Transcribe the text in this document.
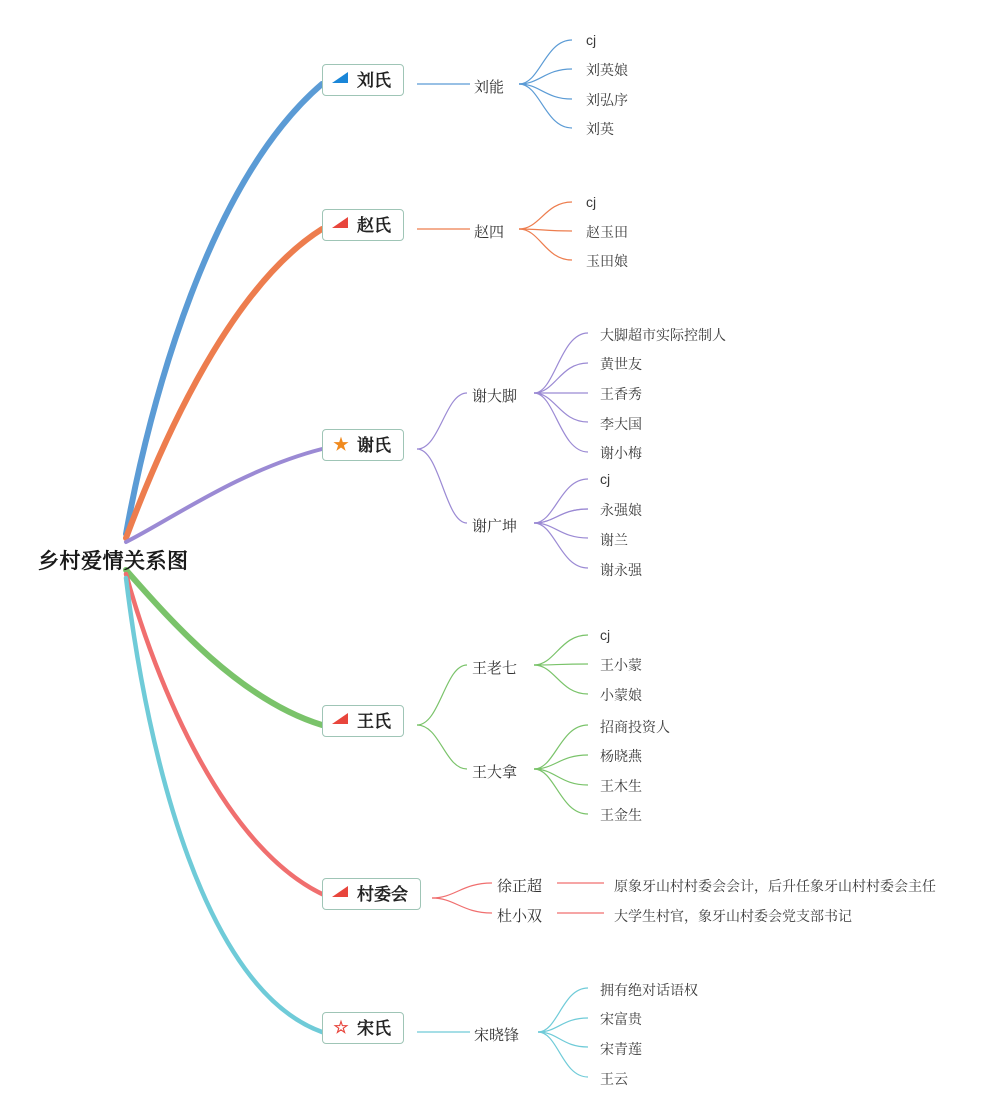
乡村爱情关系图
刘氏	刘能
cj
刘英娘
刘弘序
刘英
赵氏	赵四
cj
赵玉田
玉田娘
★ 谢氏
谢大脚
大脚超市实际控制人
黄世友
王香秀
李大国
谢小梅
谢广坤
cj
永强娘
谢兰
谢永强
王氏
王老七
cj
王小蒙
小蒙娘
王大拿
招商投资人
杨晓燕
王木生
王金生
村委会	徐正超	原象牙山村村委会会计，后升任象牙山村村委会主任
杜小双	大学生村官，象牙山村委会党支部书记
☆ 宋氏	宋晓锋
拥有绝对话语权
宋富贵
宋青莲
王云
